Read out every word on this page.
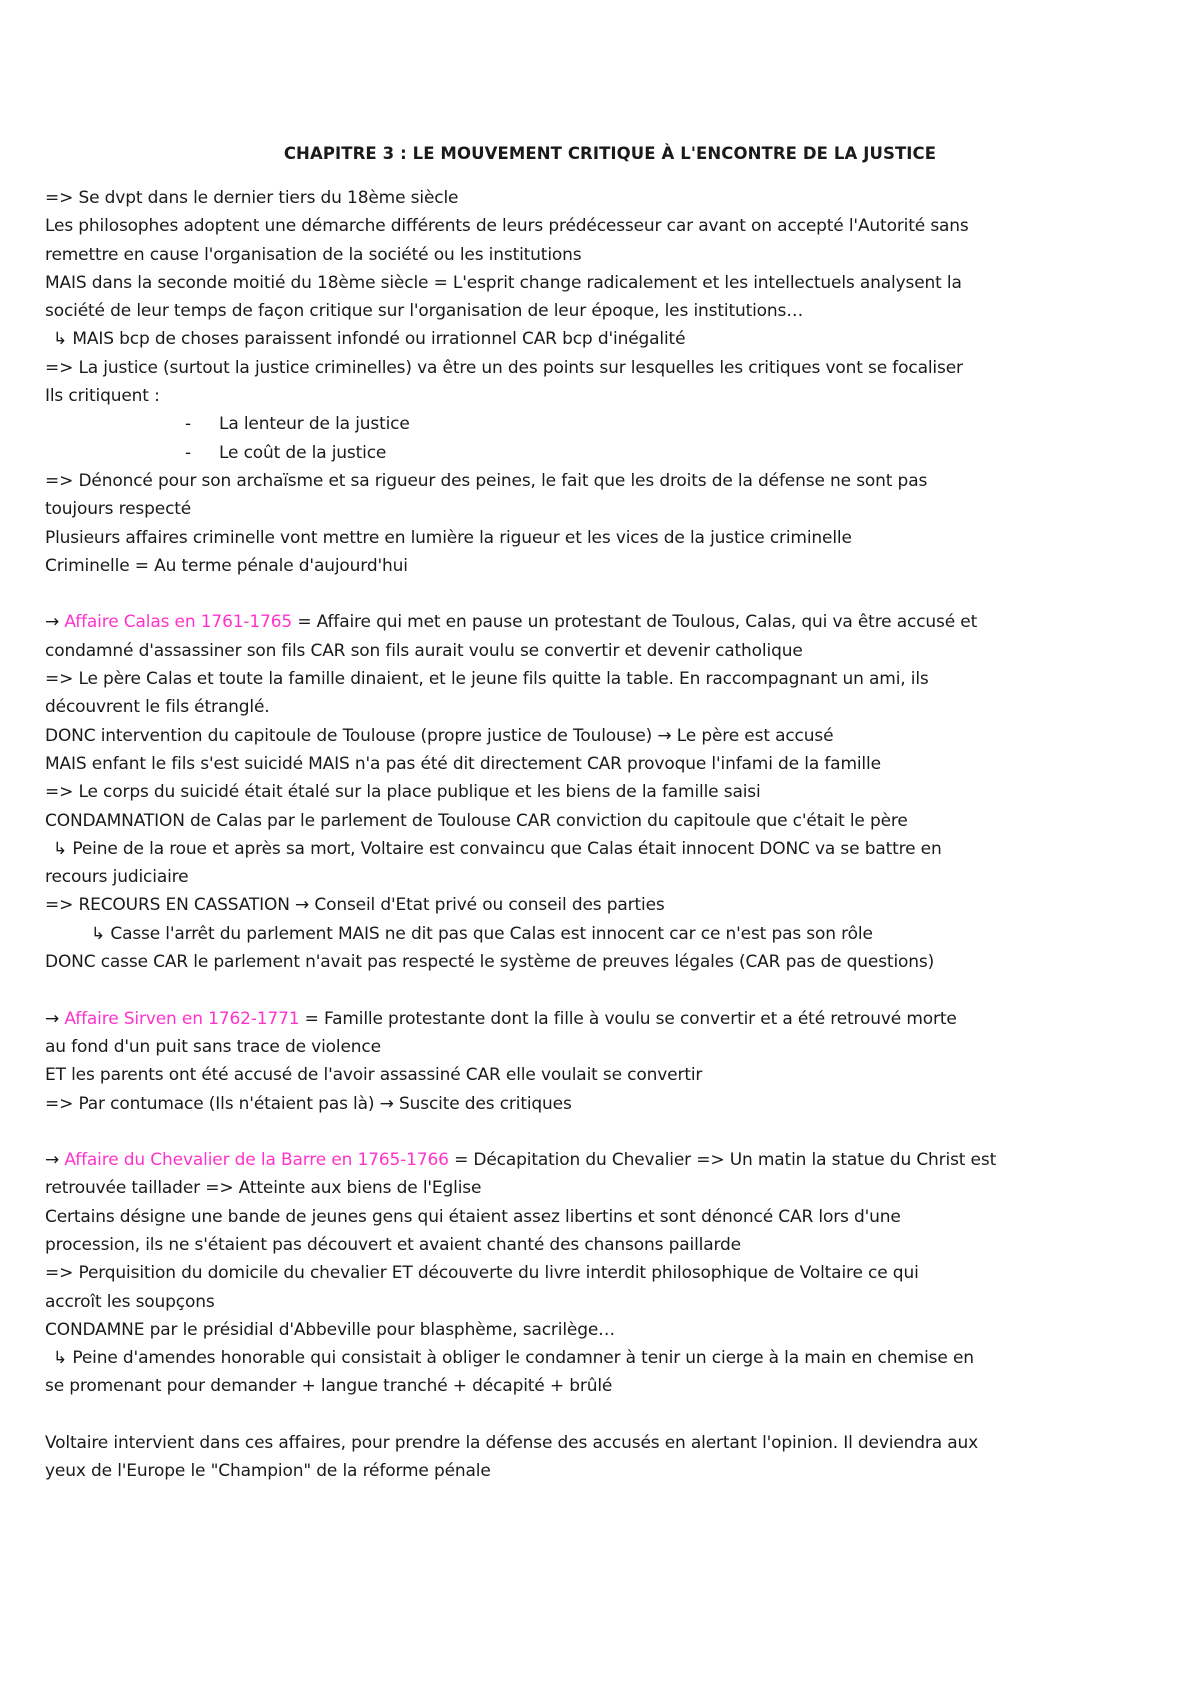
CHAPITRE 3 : LE MOUVEMENT CRITIQUE À L'ENCONTRE DE LA JUSTICE

=> Se dvpt dans le dernier tiers du 18ème siècle

Les philosophes adoptent une démarche différents de leurs prédécesseur car avant on accepté l'Autorité sans

remettre en cause l'organisation de la société ou les institutions

MAIS dans la seconde moitié du 18ème siècle = L'esprit change radicalement et les intellectuels analysent la

société de leur temps de façon critique sur l'organisation de leur époque, les institutions…

↳ MAIS bcp de choses paraissent infondé ou irrationnel CAR bcp d'inégalité

=> La justice (surtout la justice criminelles) va être un des points sur lesquelles les critiques vont se focaliser

Ils critiquent :

- La lenteur de la justice

- Le coût de la justice

=> Dénoncé pour son archaïsme et sa rigueur des peines, le fait que les droits de la défense ne sont pas

toujours respecté

Plusieurs affaires criminelle vont mettre en lumière la rigueur et les vices de la justice criminelle

Criminelle = Au terme pénale d'aujourd'hui

→ Affaire Calas en 1761-1765 = Affaire qui met en pause un protestant de Toulous, Calas, qui va être accusé et

condamné d'assassiner son fils CAR son fils aurait voulu se convertir et devenir catholique

=> Le père Calas et toute la famille dinaient, et le jeune fils quitte la table. En raccompagnant un ami, ils

découvrent le fils étranglé.

DONC intervention du capitoule de Toulouse (propre justice de Toulouse) → Le père est accusé

MAIS enfant le fils s'est suicidé MAIS n'a pas été dit directement CAR provoque l'infami de la famille

=> Le corps du suicidé était étalé sur la place publique et les biens de la famille saisi

CONDAMNATION de Calas par le parlement de Toulouse CAR conviction du capitoule que c'était le père

↳ Peine de la roue et après sa mort, Voltaire est convaincu que Calas était innocent DONC va se battre en

recours judiciaire

=> RECOURS EN CASSATION → Conseil d'Etat privé ou conseil des parties

↳ Casse l'arrêt du parlement MAIS ne dit pas que Calas est innocent car ce n'est pas son rôle

DONC casse CAR le parlement n'avait pas respecté le système de preuves légales (CAR pas de questions)

→ Affaire Sirven en 1762-1771 = Famille protestante dont la fille à voulu se convertir et a été retrouvé morte

au fond d'un puit sans trace de violence

ET les parents ont été accusé de l'avoir assassiné CAR elle voulait se convertir

=> Par contumace (Ils n'étaient pas là) → Suscite des critiques

→ Affaire du Chevalier de la Barre en 1765-1766 = Décapitation du Chevalier => Un matin la statue du Christ est

retrouvée taillader => Atteinte aux biens de l'Eglise

Certains désigne une bande de jeunes gens qui étaient assez libertins et sont dénoncé CAR lors d'une

procession, ils ne s'étaient pas découvert et avaient chanté des chansons paillarde

=> Perquisition du domicile du chevalier ET découverte du livre interdit philosophique de Voltaire ce qui

accroît les soupçons

CONDAMNE par le présidial d'Abbeville pour blasphème, sacrilège…

↳ Peine d'amendes honorable qui consistait à obliger le condamner à tenir un cierge à la main en chemise en

se promenant pour demander + langue tranché + décapité + brûlé

Voltaire intervient dans ces affaires, pour prendre la défense des accusés en alertant l'opinion. Il deviendra aux

yeux de l'Europe le "Champion" de la réforme pénale
